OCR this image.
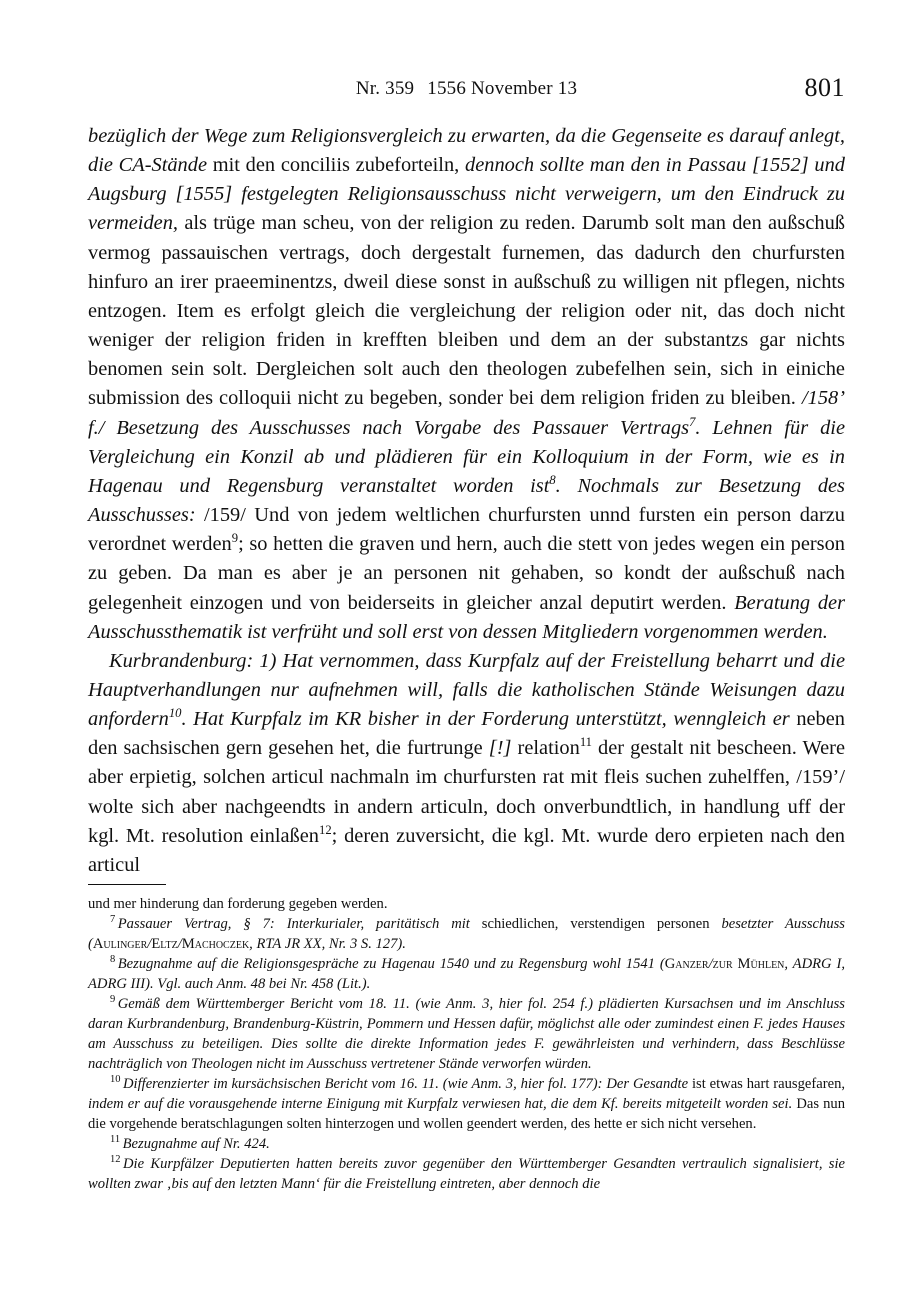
Nr. 359 1556 November 13	801

bezüglich der Wege zum Religionsvergleich zu erwarten, da die Gegenseite es darauf anlegt, die CA-Stände mit den conciliis zubeforteiln, dennoch sollte man den in Passau [1552] und Augsburg [1555] festgelegten Religionsausschuss nicht verweigern, um den Eindruck zu vermeiden, als trüge man scheu, von der religion zu reden. Darumb solt man den außschuß vermog passauischen vertrags, doch dergestalt furnemen, das dadurch den churfursten hinfuro an irer praeeminentzs, dweil diese sonst in außschuß zu willigen nit pflegen, nichts entzogen. Item es erfolgt gleich die vergleichung der religion oder nit, das doch nicht weniger der religion friden in krefften bleiben und dem an der substantzs gar nichts benomen sein solt. Dergleichen solt auch den theologen zubefelhen sein, sich in einiche submission des colloquii nicht zu begeben, sonder bei dem religion friden zu bleiben. /158’ f./ Besetzung des Ausschusses nach Vorgabe des Passauer Vertrags$^7$. Lehnen für die Vergleichung ein Konzil ab und plädieren für ein Kolloquium in der Form, wie es in Hagenau und Regensburg veranstaltet worden ist$^8$. Nochmals zur Besetzung des Ausschusses: /159/ Und von jedem weltlichen churfursten unnd fursten ein person darzu verordnet werden$^9$; so hetten die graven und hern, auch die stett von jedes wegen ein person zu geben. Da man es aber je an personen nit gehaben, so kondt der außschuß nach gelegenheit einzogen und von beiderseits in gleicher anzal deputirt werden. Beratung der Ausschussthematik ist verfrüht und soll erst von dessen Mitgliedern vorgenommen werden.

Kurbrandenburg: 1) Hat vernommen, dass Kurpfalz auf der Freistellung beharrt und die Hauptverhandlungen nur aufnehmen will, falls die katholischen Stände Weisungen dazu anfordern$^{10}$. Hat Kurpfalz im KR bisher in der Forderung unterstützt, wenngleich er neben den sachsischen gern gesehen het, die furtrunge [!] relation$^{11}$ der gestalt nit bescheen. Were aber erpietig, solchen articul nachmaln im churfursten rat mit fleis suchen zuhelffen, /159’/ wolte sich aber nachgeendts in andern articuln, doch onverbundtlich, in handlung uff der kgl. Mt. resolution einlaßen$^{12}$; deren zuversicht, die kgl. Mt. wurde dero erpieten nach den articul

und mer hinderung dan forderung gegeben werden.

$^7$ Passauer Vertrag, § 7: Interkurialer, paritätisch mit schiedlichen, verstendigen personen besetzter Ausschuss (Aulinger/Eltz/Machoczek, RTA JR XX, Nr. 3 S. 127).

$^8$ Bezugnahme auf die Religionsgespräche zu Hagenau 1540 und zu Regensburg wohl 1541 (Ganzer/zur Mühlen, ADRG I, ADRG III). Vgl. auch Anm. 48 bei Nr. 458 (Lit.).

$^9$ Gemäß dem Württemberger Bericht vom 18. 11. (wie Anm. 3, hier fol. 254 f.) plädierten Kursachsen und im Anschluss daran Kurbrandenburg, Brandenburg-Küstrin, Pommern und Hessen dafür, möglichst alle oder zumindest einen F. jedes Hauses am Ausschuss zu beteiligen. Dies sollte die direkte Information jedes F. gewährleisten und verhindern, dass Beschlüsse nachträglich von Theologen nicht im Ausschuss vertretener Stände verworfen würden.

$^{10}$ Differenzierter im kursächsischen Bericht vom 16. 11. (wie Anm. 3, hier fol. 177): Der Gesandte ist etwas hart rausgefaren, indem er auf die vorausgehende interne Einigung mit Kurpfalz verwiesen hat, die dem Kf. bereits mitgeteilt worden sei. Das nun die vorgehende beratschlagungen solten hinterzogen und wollen geendert werden, des hette er sich nicht versehen.

$^{11}$ Bezugnahme auf Nr. 424.

$^{12}$ Die Kurpfälzer Deputierten hatten bereits zuvor gegenüber den Württemberger Gesandten vertraulich signalisiert, sie wollten zwar ‚bis auf den letzten Mann‘ für die Freistellung eintreten, aber dennoch die
